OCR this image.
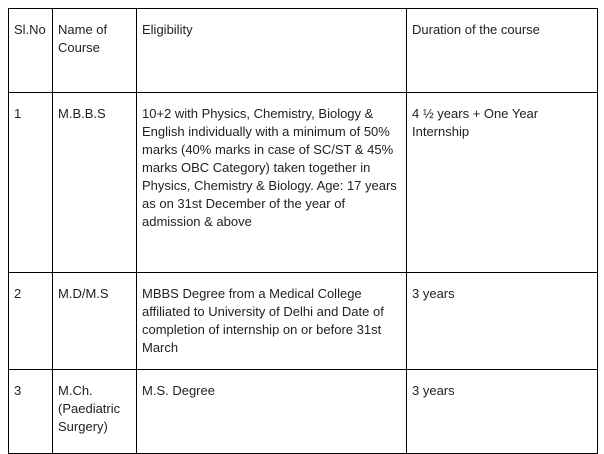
Sl.No	Name of Course	Eligibility	Duration of the course
1	M.B.B.S	10+2 with Physics, Chemistry, Biology & English individually with a minimum of 50% marks (40% marks in case of SC/ST & 45% marks OBC Category) taken together in Physics, Chemistry & Biology. Age: 17 years as on 31st December of the year of admission & above	4 ½ years + One Year Internship
2	M.D/M.S	MBBS Degree from a Medical College affiliated to University of Delhi and Date of completion of internship on or before 31st March	3 years
3	M.Ch. (Paediatric Surgery)	M.S. Degree	3 years
